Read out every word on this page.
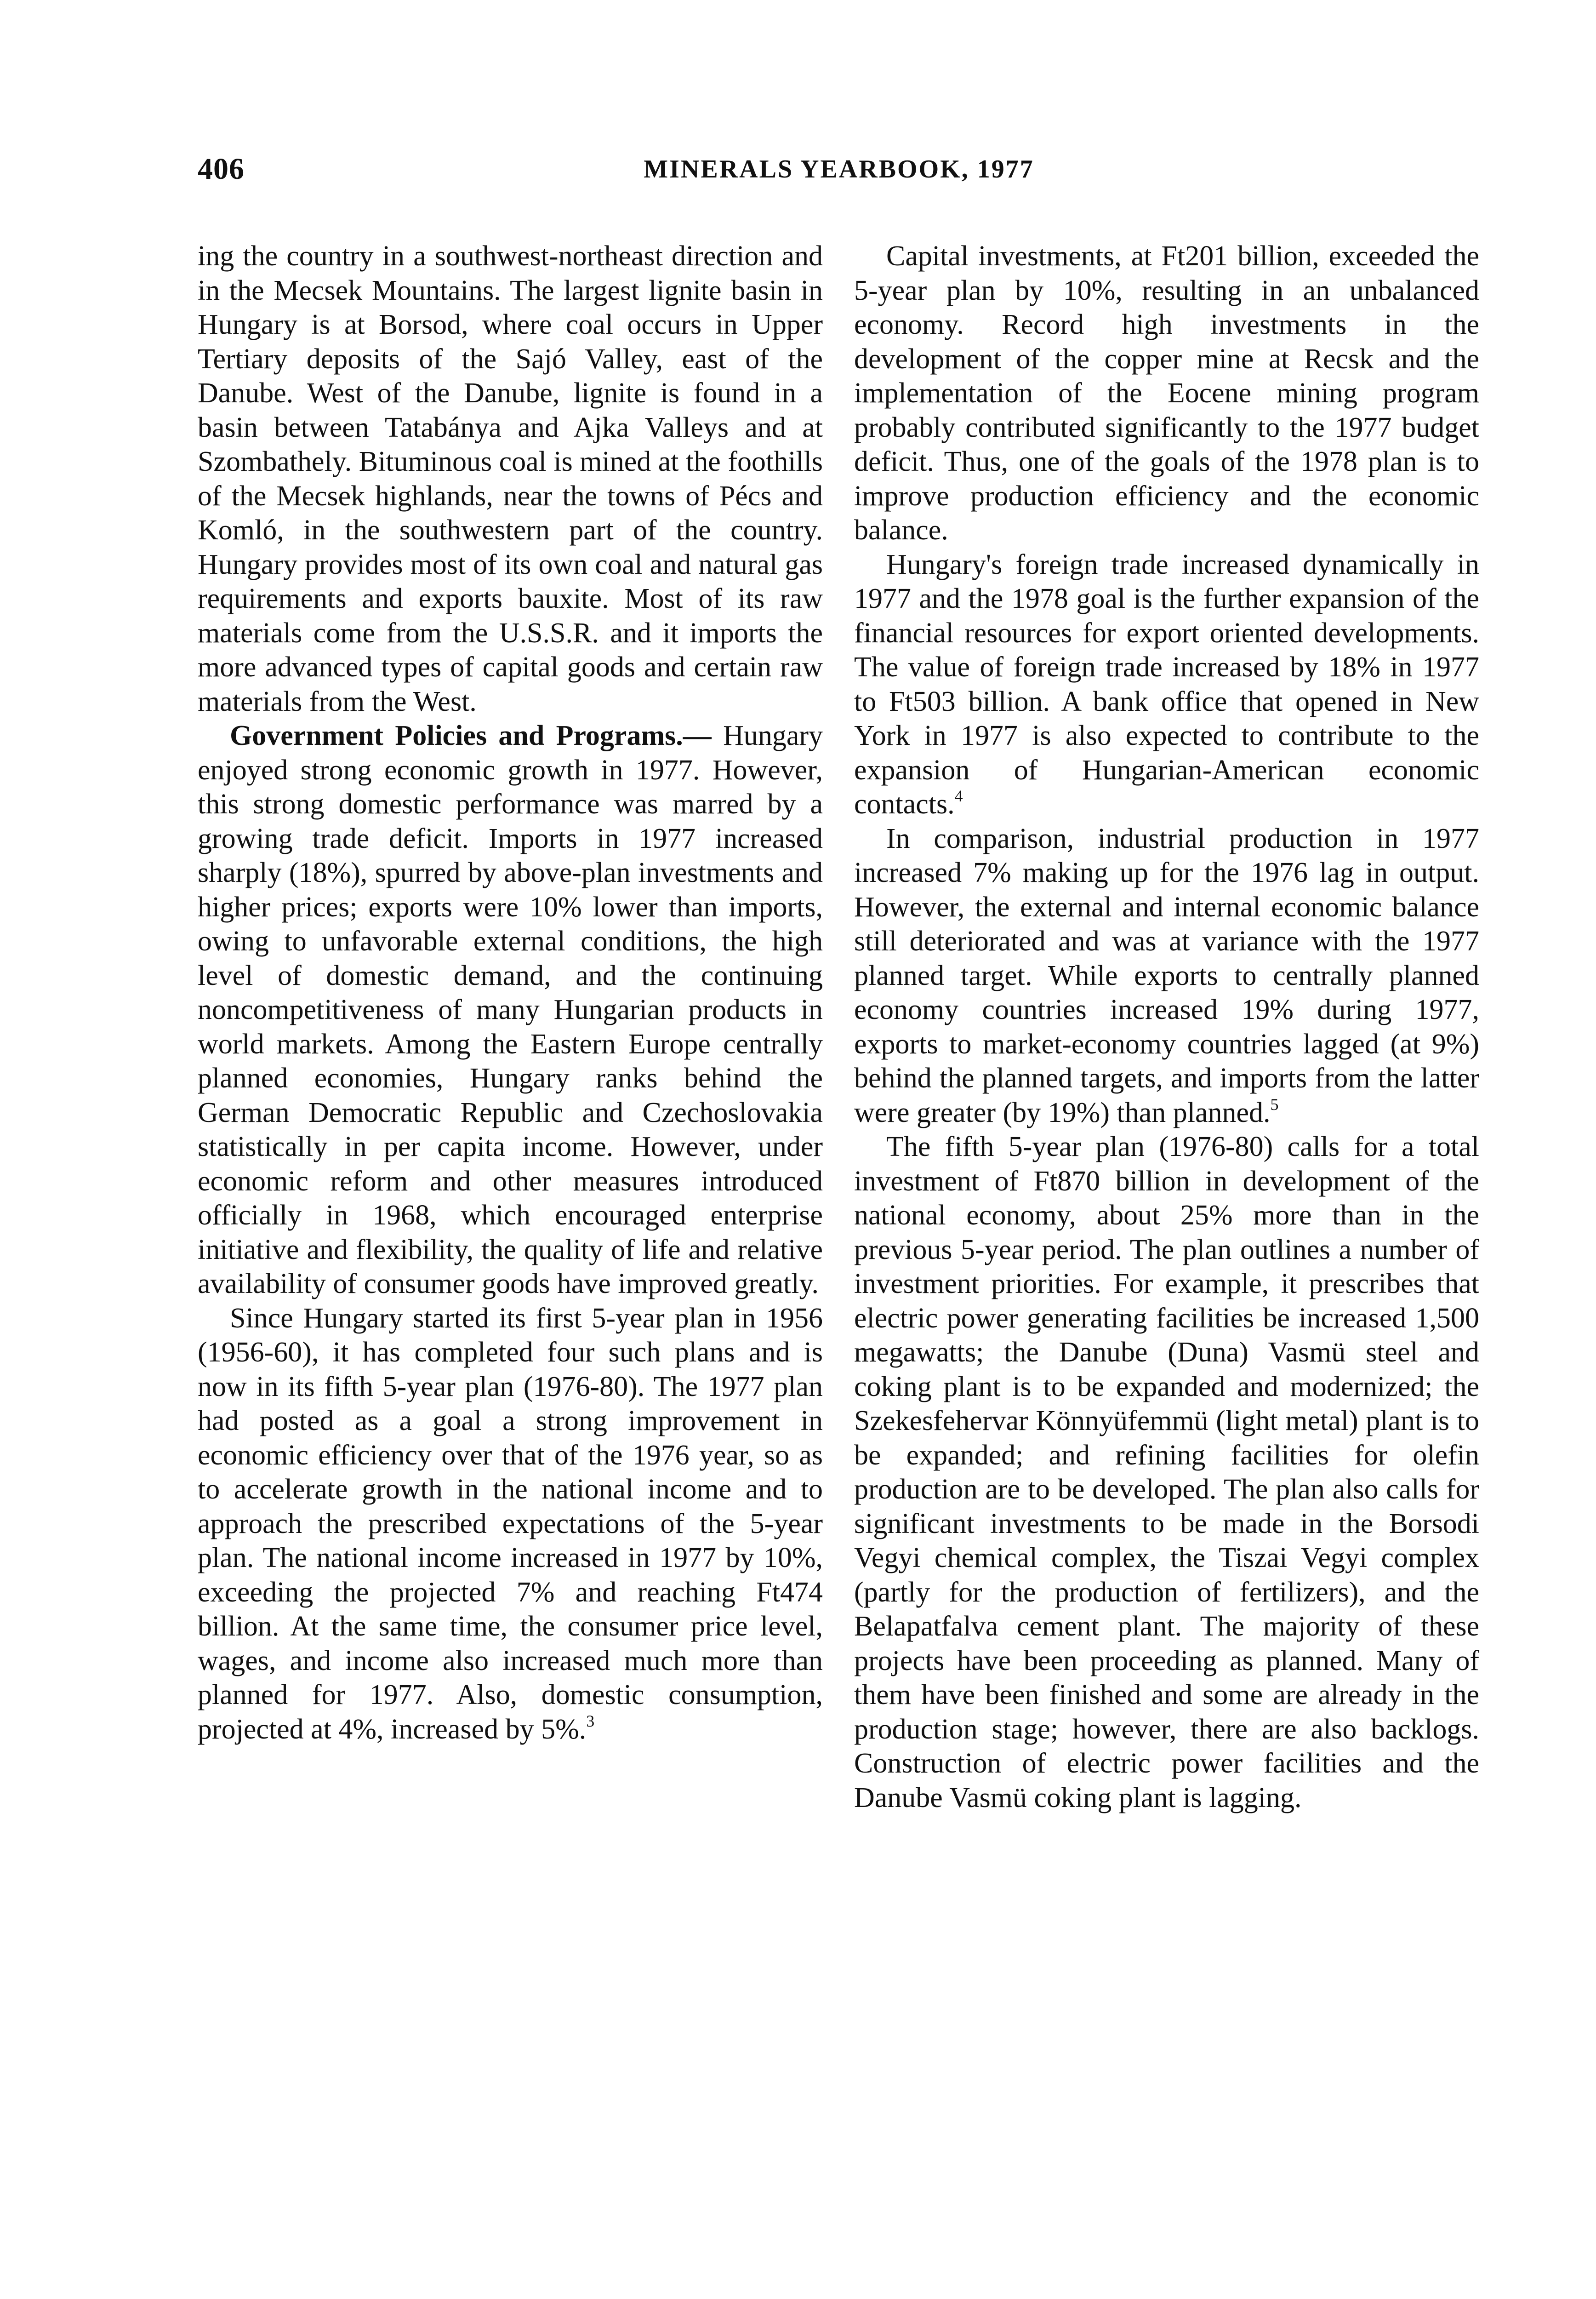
406	MINERALS YEARBOOK, 1977

ing the country in a southwest-northeast direction and in the Mecsek Mountains. The largest lignite basin in Hungary is at Borsod, where coal occurs in Upper Tertiary deposits of the Sajó Valley, east of the Danube. West of the Danube, lignite is found in a basin between Tatabánya and Ajka Valleys and at Szombathely. Bituminous coal is mined at the foothills of the Mecsek highlands, near the towns of Pécs and Komló, in the southwestern part of the country. Hungary provides most of its own coal and natural gas requirements and exports bauxite. Most of its raw materials come from the U.S.S.R. and it imports the more advanced types of capital goods and certain raw materials from the West.

Government Policies and Programs.— Hungary enjoyed strong economic growth in 1977. However, this strong domestic performance was marred by a growing trade deficit. Imports in 1977 increased sharply (18%), spurred by above-plan investments and higher prices; exports were 10% lower than imports, owing to unfavorable external conditions, the high level of domestic demand, and the continuing noncompetitiveness of many Hungarian products in world markets. Among the Eastern Europe centrally planned economies, Hungary ranks behind the German Democratic Republic and Czechoslovakia statistically in per capita income. However, under economic reform and other measures introduced officially in 1968, which encouraged enterprise initiative and flexibility, the quality of life and relative availability of consumer goods have improved greatly.

Since Hungary started its first 5-year plan in 1956 (1956-60), it has completed four such plans and is now in its fifth 5-year plan (1976-80). The 1977 plan had posted as a goal a strong improvement in economic efficiency over that of the 1976 year, so as to accelerate growth in the national income and to approach the prescribed expectations of the 5-year plan. The national income increased in 1977 by 10%, exceeding the projected 7% and reaching Ft474 billion. At the same time, the consumer price level, wages, and income also increased much more than planned for 1977. Also, domestic consumption, projected at 4%, increased by 5%.$^3$

Capital investments, at Ft201 billion, exceeded the 5-year plan by 10%, resulting in an unbalanced economy. Record high investments in the development of the copper mine at Recsk and the implementation of the Eocene mining program probably contributed significantly to the 1977 budget deficit. Thus, one of the goals of the 1978 plan is to improve production efficiency and the economic balance.

Hungary's foreign trade increased dynamically in 1977 and the 1978 goal is the further expansion of the financial resources for export oriented developments. The value of foreign trade increased by 18% in 1977 to Ft503 billion. A bank office that opened in New York in 1977 is also expected to contribute to the expansion of Hungarian-American economic contacts.$^4$

In comparison, industrial production in 1977 increased 7% making up for the 1976 lag in output. However, the external and internal economic balance still deteriorated and was at variance with the 1977 planned target. While exports to centrally planned economy countries increased 19% during 1977, exports to market-economy countries lagged (at 9%) behind the planned targets, and imports from the latter were greater (by 19%) than planned.$^5$

The fifth 5-year plan (1976-80) calls for a total investment of Ft870 billion in development of the national economy, about 25% more than in the previous 5-year period. The plan outlines a number of investment priorities. For example, it prescribes that electric power generating facilities be increased 1,500 megawatts; the Danube (Duna) Vasmü steel and coking plant is to be expanded and modernized; the Szekesfehervar Könnyüfemmü (light metal) plant is to be expanded; and refining facilities for olefin production are to be developed. The plan also calls for significant investments to be made in the Borsodi Vegyi chemical complex, the Tiszai Vegyi complex (partly for the production of fertilizers), and the Belapatfalva cement plant. The majority of these projects have been proceeding as planned. Many of them have been finished and some are already in the production stage; however, there are also backlogs. Construction of electric power facilities and the Danube Vasmü coking plant is lagging.
